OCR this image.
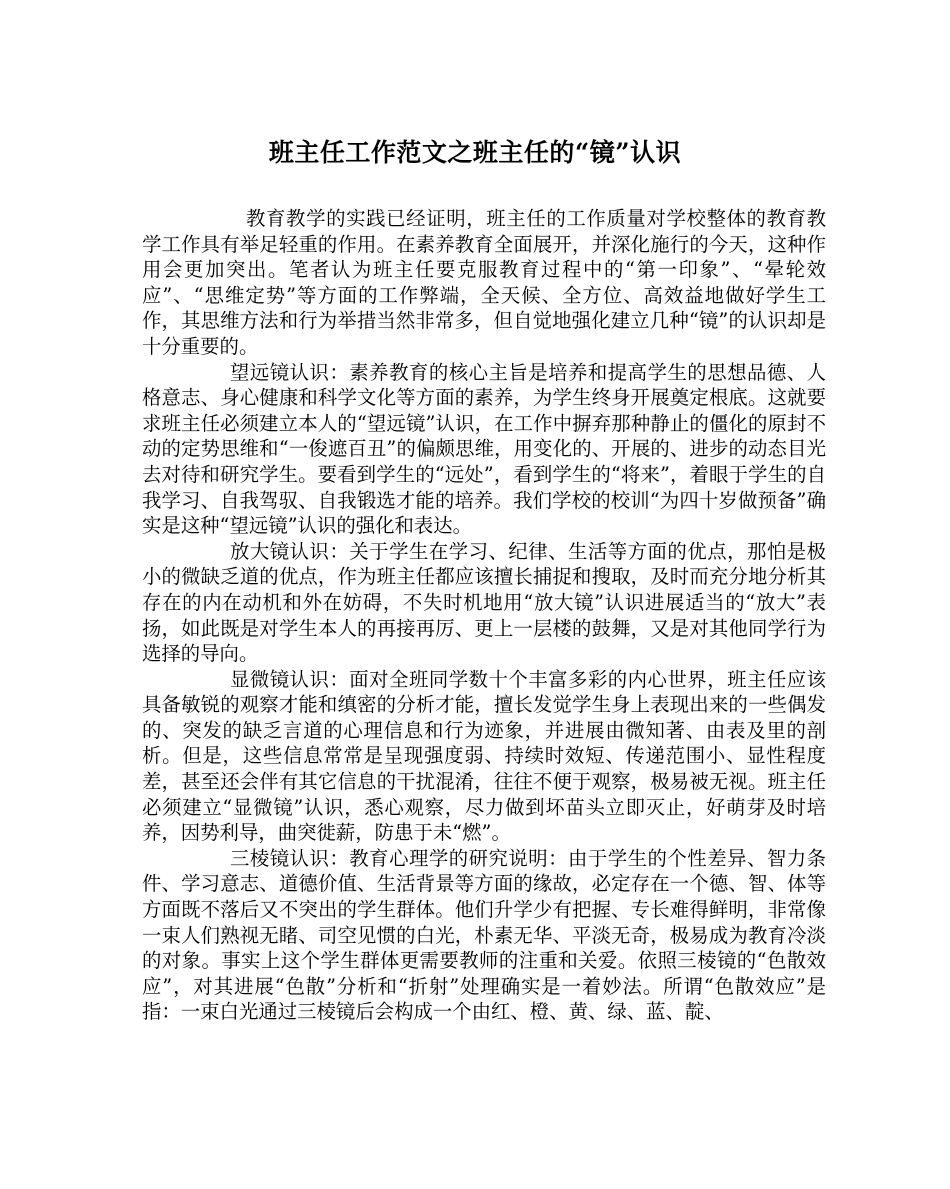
班主任工作范文之班主任的“镜”认识

教育教学的实践已经证明，班主任的工作质量对学校整体的教育教学工作具有举足轻重的作用。在素养教育全面展开，并深化施行的今天，这种作用会更加突出。笔者认为班主任要克服教育过程中的“第一印象”、“晕轮效应”、“思维定势”等方面的工作弊端，全天候、全方位、高效益地做好学生工作，其思维方法和行为举措当然非常多，但自觉地强化建立几种“镜”的认识却是十分重要的。

望远镜认识：素养教育的核心主旨是培养和提高学生的思想品德、人格意志、身心健康和科学文化等方面的素养，为学生终身开展奠定根底。这就要求班主任必须建立本人的“望远镜”认识，在工作中摒弃那种静止的僵化的原封不动的定势思维和“一俊遮百丑”的偏颇思维，用变化的、开展的、进步的动态目光去对待和研究学生。要看到学生的“远处”，看到学生的“将来”，着眼于学生的自我学习、自我驾驭、自我锻选才能的培养。我们学校的校训“为四十岁做预备”确实是这种“望远镜”认识的强化和表达。

放大镜认识：关于学生在学习、纪律、生活等方面的优点，那怕是极小的微缺乏道的优点，作为班主任都应该擅长捕捉和搜取，及时而充分地分析其存在的内在动机和外在妨碍，不失时机地用“放大镜”认识进展适当的“放大”表扬，如此既是对学生本人的再接再厉、更上一层楼的鼓舞，又是对其他同学行为选择的导向。

显微镜认识：面对全班同学数十个丰富多彩的内心世界，班主任应该具备敏锐的观察才能和缜密的分析才能，擅长发觉学生身上表现出来的一些偶发的、突发的缺乏言道的心理信息和行为迹象，并进展由微知著、由表及里的剖析。但是，这些信息常常是呈现强度弱、持续时效短、传递范围小、显性程度差，甚至还会伴有其它信息的干扰混淆，往往不便于观察，极易被无视。班主任必须建立“显微镜”认识，悉心观察，尽力做到坏苗头立即灭止，好萌芽及时培养，因势利导，曲突徙薪，防患于未“燃”。

三棱镜认识：教育心理学的研究说明：由于学生的个性差异、智力条件、学习意志、道德价值、生活背景等方面的缘故，必定存在一个德、智、体等方面既不落后又不突出的学生群体。他们升学少有把握、专长难得鲜明，非常像一束人们熟视无睹、司空见惯的白光，朴素无华、平淡无奇，极易成为教育冷淡的对象。事实上这个学生群体更需要教师的注重和关爱。依照三棱镜的“色散效应”，对其进展“色散”分析和“折射”处理确实是一着妙法。所谓“色散效应”是指：一束白光通过三棱镜后会构成一个由红、橙、黄、绿、蓝、靛、
